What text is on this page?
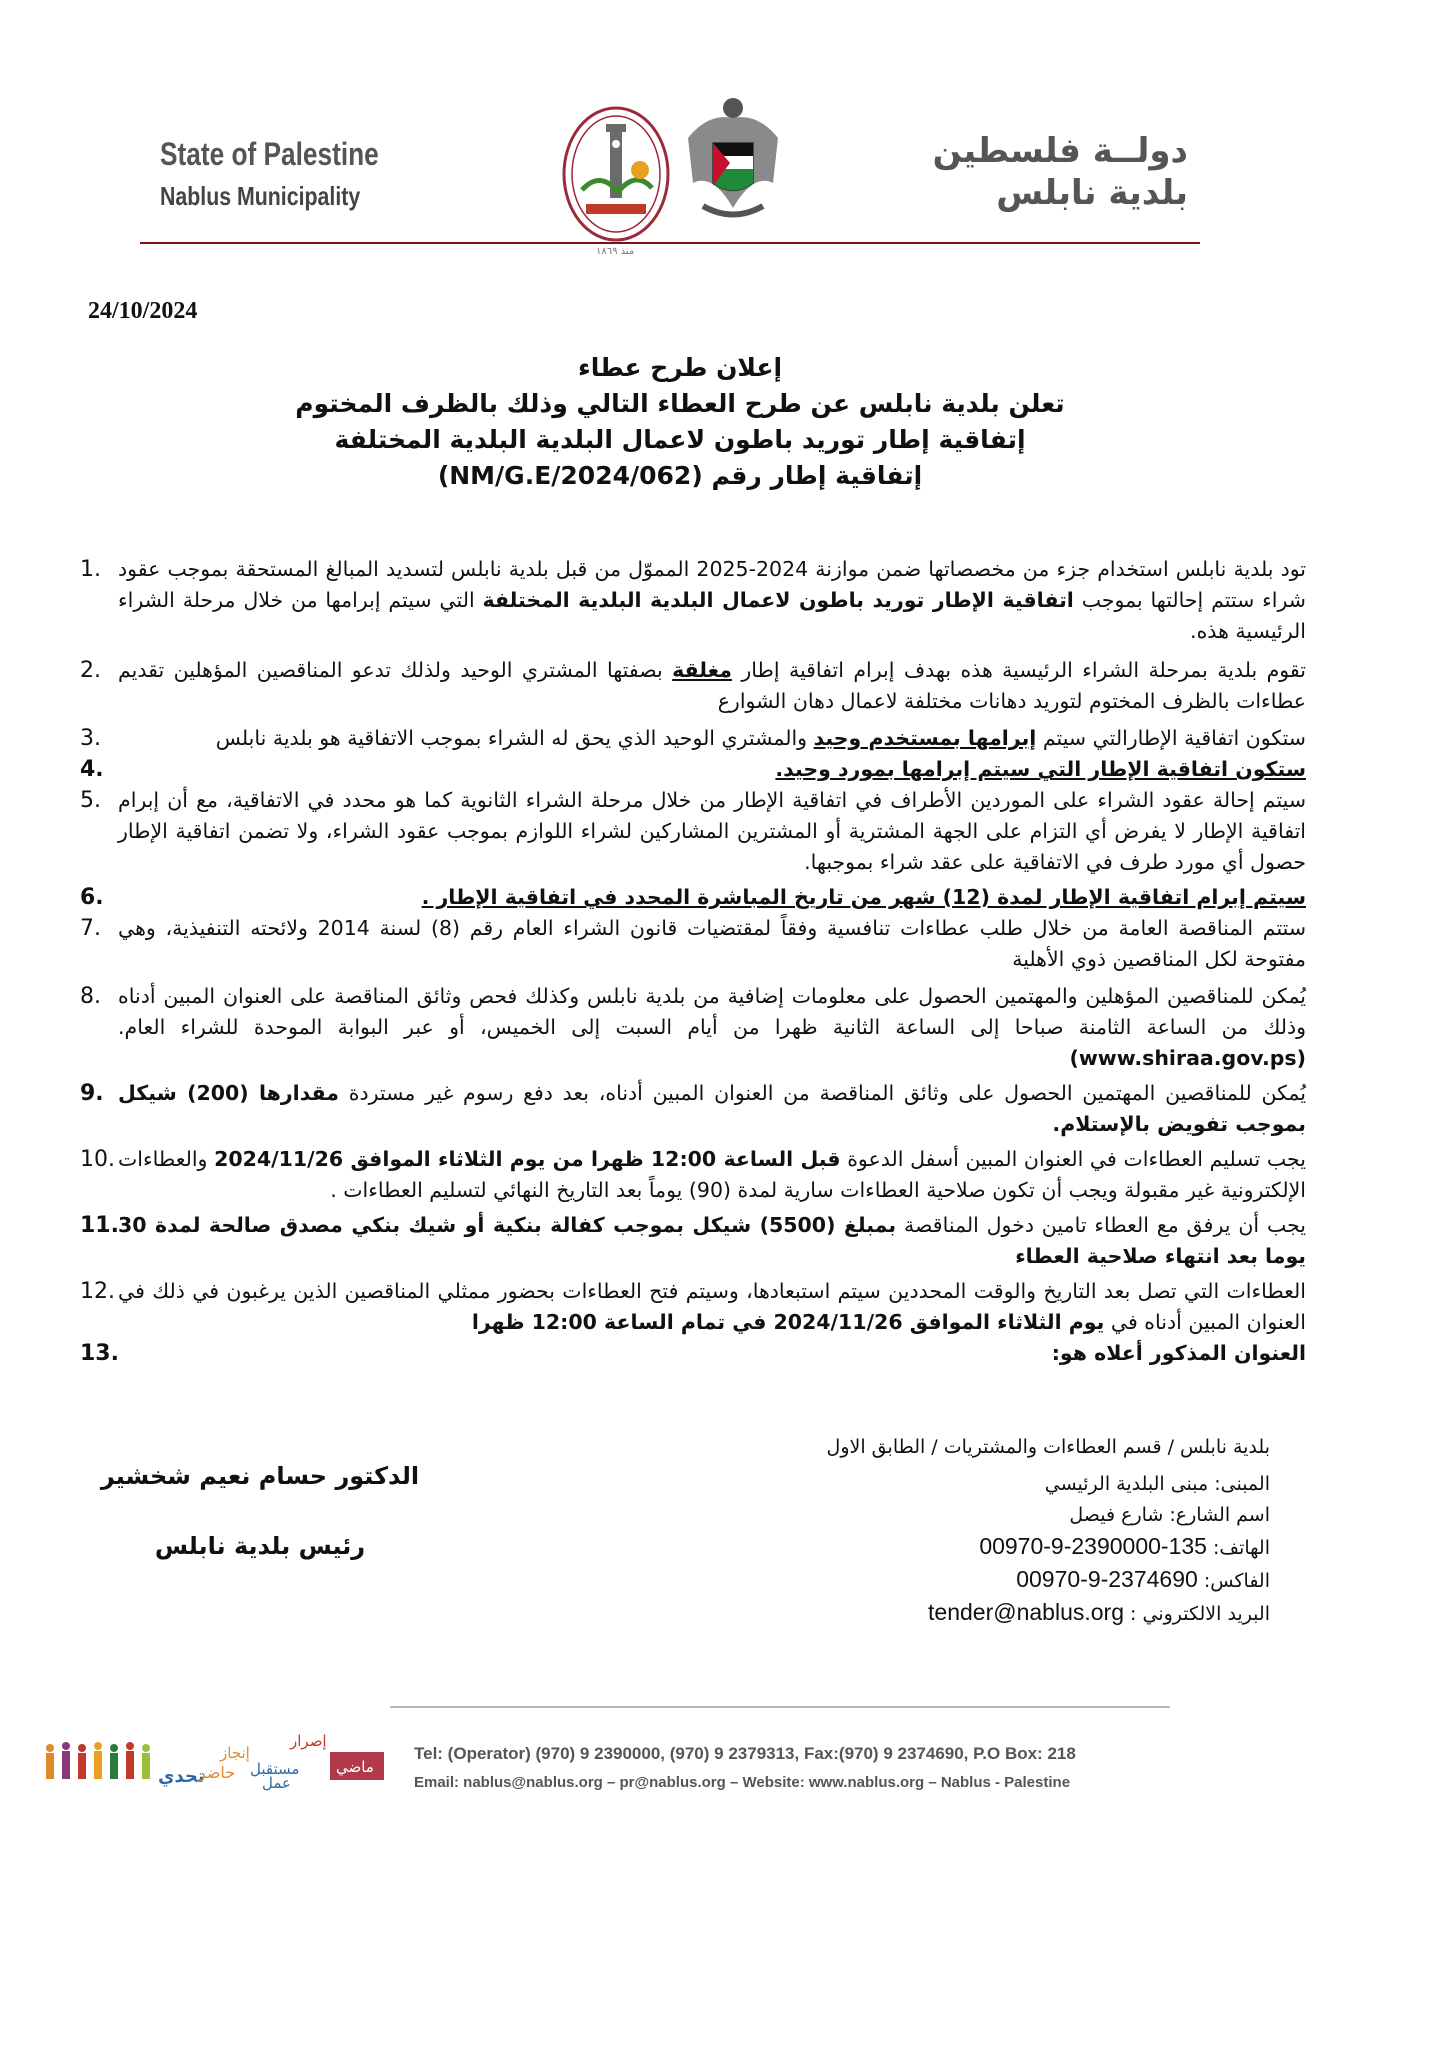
State of Palestine
Nablus Municipality
منذ ١٨٦٩
دولــة فلسطين
بلدية نابلس
24/10/2024
إعلان طرح عطاء
تعلن بلدية نابلس عن طرح العطاء التالي وذلك بالظرف المختوم
إتفاقية إطار توريد باطون لاعمال البلدية البلدية المختلفة
إتفاقية إطار رقم (NM/G.E/2024/062)
تود بلدية نابلس استخدام جزء من مخصصاتها ضمن موازنة 2024-2025 المموّل من قبل بلدية نابلس لتسديد المبالغ المستحقة بموجب عقود شراء ستتم إحالتها بموجب اتفاقية الإطار توريد باطون لاعمال البلدية البلدية المختلفة التي سيتم إبرامها من خلال مرحلة الشراء الرئيسية هذه.
1.
تقوم بلدية بمرحلة الشراء الرئيسية هذه بهدف إبرام اتفاقية إطار مغلقة بصفتها المشتري الوحيد ولذلك تدعو المناقصين المؤهلين تقديم عطاءات بالظرف المختوم لتوريد دهانات مختلفة لاعمال دهان الشوارع
2.
ستكون اتفاقية الإطارالتي سيتم إبرامها بمستخدم وحيد والمشتري الوحيد الذي يحق له الشراء بموجب الاتفاقية هو بلدية نابلس
3.
ستكون اتفاقية الإطار التي سيتم إبرامها بمورد وحيد.
4.
سيتم إحالة عقود الشراء على الموردين الأطراف في اتفاقية الإطار من خلال مرحلة الشراء الثانوية كما هو محدد في الاتفاقية، مع أن إبرام اتفاقية الإطار لا يفرض أي التزام على الجهة المشترية أو المشترين المشاركين لشراء اللوازم بموجب عقود الشراء، ولا تضمن اتفاقية الإطار حصول أي مورد طرف في الاتفاقية على عقد شراء بموجبها.
5.
سيتم إبرام اتفاقية الإطار لمدة (12) شهر من تاريخ المباشرة المحدد في اتفاقية الإطار .
6.
ستتم المناقصة العامة من خلال طلب عطاءات تنافسية وفقاً لمقتضيات قانون الشراء العام رقم (8) لسنة 2014 ولائحته التنفيذية، وهي مفتوحة لكل المناقصين ذوي الأهلية
7.
يُمكن للمناقصين المؤهلين والمهتمين الحصول على معلومات إضافية من بلدية نابلس وكذلك فحص وثائق المناقصة على العنوان المبين أدناه وذلك من الساعة الثامنة صباحا إلى الساعة الثانية ظهرا من أيام السبت إلى الخميس، أو عبر البوابة الموحدة للشراء العام. (www.shiraa.gov.ps)
8.
يُمكن للمناقصين المهتمين الحصول على وثائق المناقصة من العنوان المبين أدناه، بعد دفع رسوم غير مستردة مقدارها (200) شيكل بموجب تفويض بالإستلام.
9.
يجب تسليم العطاءات في العنوان المبين أسفل الدعوة قبل الساعة 12:00 ظهرا من يوم الثلاثاء الموافق 2024/11/26 والعطاءات الإلكترونية غير مقبولة ويجب أن تكون صلاحية العطاءات سارية لمدة (90) يوماً بعد التاريخ النهائي لتسليم العطاءات .
10.
يجب أن يرفق مع العطاء تامين دخول المناقصة بمبلغ (5500) شيكل بموجب كفالة بنكية أو شيك بنكي مصدق صالحة لمدة 30 يوما بعد انتهاء صلاحية العطاء
11.
العطاءات التي تصل بعد التاريخ والوقت المحددين سيتم استبعادها، وسيتم فتح العطاءات بحضور ممثلي المناقصين الذين يرغبون في ذلك في العنوان المبين أدناه في يوم الثلاثاء الموافق 2024/11/26 في تمام الساعة 12:00 ظهرا
12.
العنوان المذكور أعلاه هو:
13.
بلدية نابلس / قسم العطاءات والمشتريات / الطابق الاول
المبنى: مبنى البلدية الرئيسي
اسم الشارع: شارع فيصل
الهاتف: 00970-9-2390000-135
الفاكس: 00970-9-2374690
البريد الالكتروني : tender@nablus.org
الدكتور حسام نعيم شخشير
رئيس بلدية نابلس
تحدي
حاضر
إنجاز
مستقبل
عمل
إصرار
ماضي
Tel: (Operator) (970) 9 2390000, (970) 9 2379313, Fax:(970) 9 2374690, P.O Box: 218
Email: nablus@nablus.org – pr@nablus.org – Website: www.nablus.org – Nablus - Palestine
